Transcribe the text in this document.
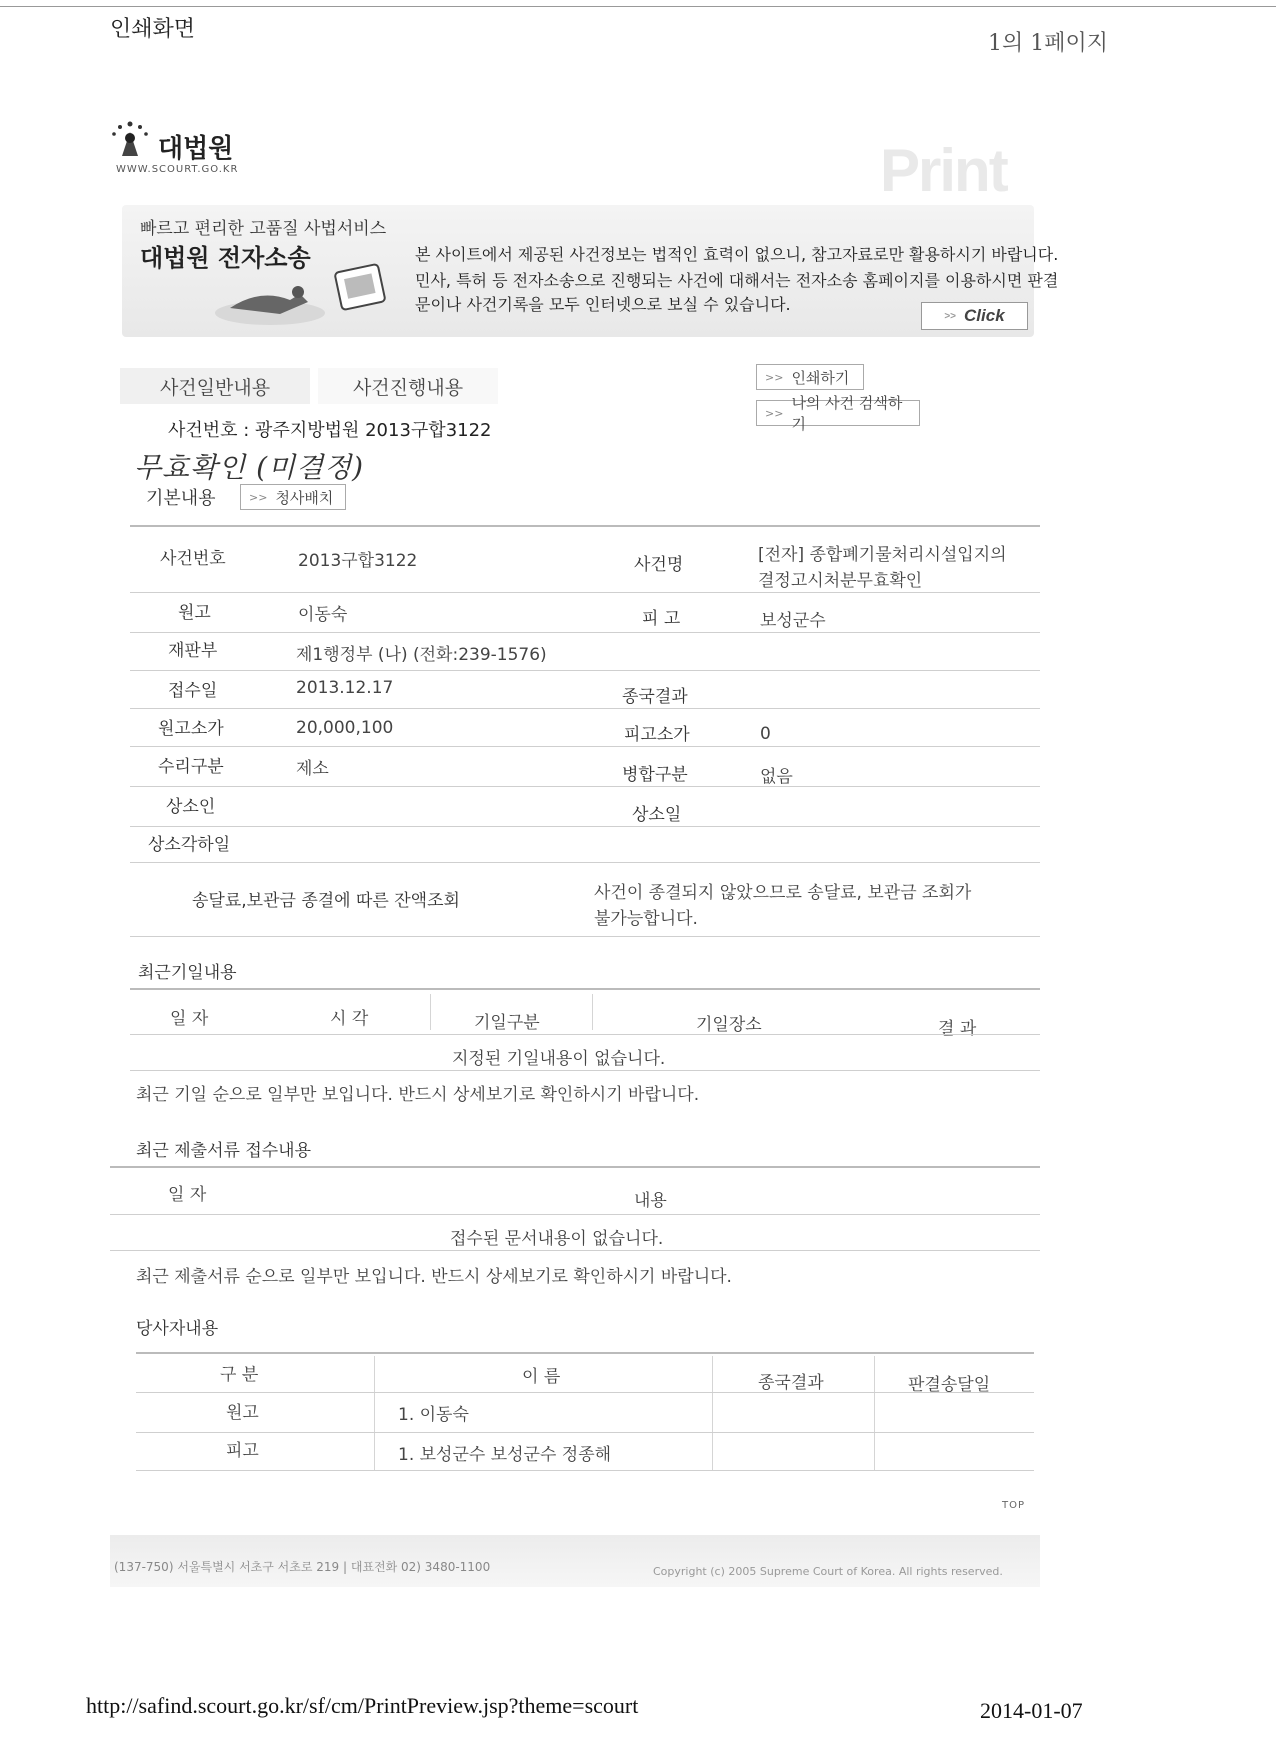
인쇄화면
1의 1페이지
대법원
WWW.SCOURT.GO.KR	Print
빠르고 편리한 고품질 사법서비스
대법원 전자소송	본 사이트에서 제공된 사건정보는 법적인 효력이 없으니, 참고자료로만 활용하시기 바랍니다.
민사, 특허 등 전자소송으로 진행되는 사건에 대해서는 전자소송 홈페이지를 이용하시면 판결
문이나 사건기록을 모두 인터넷으로 보실 수 있습니다.
>> Click
사건일반내용	사건진행내용	>> 인쇄하기
>>
나의 사건 검색하기
사건번호 : 광주지방법원 2013구합3122
무효확인 (미결정)
기본내용	>> 청사배치
사건번호	2013구합3122	사건명	[전자] 종합폐기물처리시설입지의
결정고시처분무효확인
원고	이동숙	피 고	보성군수
재판부	제1행정부 (나) (전화:239-1576)
접수일	2013.12.17	종국결과
원고소가	20,000,100	피고소가	0
수리구분	제소	병합구분	없음
상소인	상소일
상소각하일
송달료,보관금 종결에 따른 잔액조회	사건이 종결되지 않았으므로 송달료, 보관금 조회가
불가능합니다.
최근기일내용
일 자	시 각	기일구분	기일장소	결 과
지정된 기일내용이 없습니다.
최근 기일 순으로 일부만 보입니다. 반드시 상세보기로 확인하시기 바랍니다.
최근 제출서류 접수내용
일 자	내용
접수된 문서내용이 없습니다.
최근 제출서류 순으로 일부만 보입니다. 반드시 상세보기로 확인하시기 바랍니다.
당사자내용
구 분	이 름	종국결과	판결송달일
원고	1. 이동숙
피고	1. 보성군수 보성군수 정종해
TOP
(137-750) 서울특별시 서초구 서초로 219 | 대표전화 02) 3480-1100	Copyright (c) 2005 Supreme Court of Korea. All rights reserved.
http://safind.scourt.go.kr/sf/cm/PrintPreview.jsp?theme=scourt	2014-01-07
